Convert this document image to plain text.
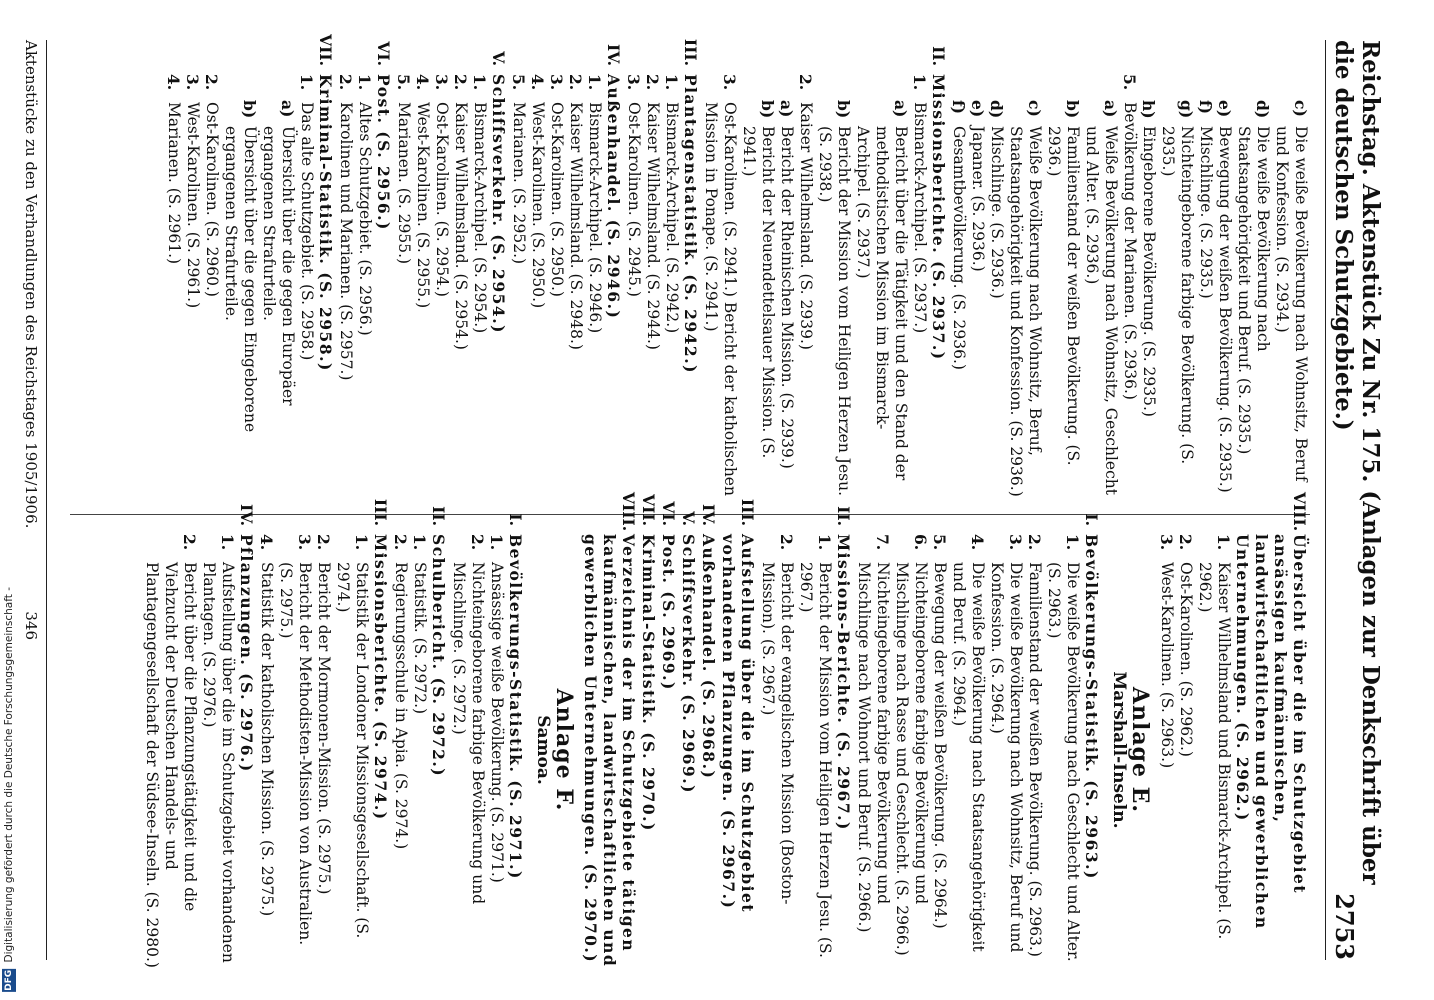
DFG Digitalisierung gefördert durch die Deutsche Forschungsgemeinschaft -	Reichstag. Aktenstück Zu Nr. 175. (Anlagen zur Denkschrift über die deutschen Schutzgebiete.)
2753
c)
Die weiße Bevölkerung nach Wohnsitz, Beruf und Konfession. (S. 2934.)
d)
Die weiße Bevölkerung nach Staatsangehörigkeit und Beruf. (S. 2935.)
e)
Bewegung der weißen Bevölkerung. (S. 2935.)
f)
Mischlinge. (S. 2935.)
g)
Nichteingeborene farbige Bevölkerung. (S. 2935.)
h)
Eingeborene Bevölkerung. (S. 2935.)
5.
Bevölkerung der Marianen. (S. 2936.)
a)
Weiße Bevölkerung nach Wohnsitz, Geschlecht und Alter. (S. 2936.)
b)
Familienstand der weißen Bevölkerung. (S. 2936.)
c)
Weiße Bevölkerung nach Wohnsitz, Beruf, Staatsangehörigkeit und Konfession. (S. 2936.)
d)
Mischlinge. (S. 2936.)
e)
Japaner. (S. 2936.)
f)
Gesamtbevölkerung. (S. 2936.)
II.
Missionsberichte. (S. 2937.)
1.
Bismarck-Archipel. (S. 2937.)
a)
Bericht über die Tätigkeit und den Stand der methodistischen Mission im Bismarck-Archipel. (S. 2937.)
b)
Bericht der Mission vom Heiligen Herzen Jesu. (S. 2938.)
2.
Kaiser Wilhelmsland. (S. 2939.)
a)
Bericht der Rheinischen Mission. (S. 2939.)
b)
Bericht der Neuendettelsauer Mission. (S. 2941.)
3.
Ost-Karolinen. (S. 2941.) Bericht der katholischen Mission in Ponape. (S. 2941.)
III.
Plantagenstatistik. (S. 2942.)
1.
Bismarck-Archipel. (S. 2942.)
2.
Kaiser Wilhelmsland. (S. 2944.)
3.
Ost-Karolinen. (S. 2945.)
IV.
Außenhandel. (S. 2946.)
1.
Bismarck-Archipel. (S. 2946.)
2.
Kaiser Wilhelmsland. (S. 2948.)
3.
Ost-Karolinen. (S. 2950.)
4.
West-Karolinen. (S. 2950.)
5.
Marianen. (S. 2952.)
V.
Schiffsverkehr. (S. 2954.)
1.
Bismarck-Archipel. (S. 2954.)
2.
Kaiser Wilhelmsland. (S. 2954.)
3.
Ost-Karolinen. (S. 2954.)
4.
West-Karolinen. (S. 2955.)
5.
Marianen. (S. 2955.)
VI.
Post. (S. 2956.)
1.
Altes Schutzgebiet. (S. 2956.)
2.
Karolinen und Marianen. (S. 2957.)
VII.
Kriminal-Statistik. (S. 2958.)
1.
Das alte Schutzgebiet. (S. 2958.)
a)
Übersicht über die gegen Europäer ergangenen Strafurteile.
b)
Übersicht über die gegen Eingeborene ergangenen Strafurteile.
2.
Ost-Karolinen. (S. 2960.)
3.
West-Karolinen. (S. 2961.)
4.
Marianen. (S. 2961.)
VIII.
Übersicht über die im Schutzgebiet ansässigen kaufmännischen, landwirtschaftlichen und gewerblichen Unternehmungen. (S. 2962.)
1.
Kaiser Wilhelmsland und Bismarck-Archipel. (S. 2962.)
2.
Ost-Karolinen. (S. 2962.)
3.
West-Karolinen. (S. 2963.)
Anlage E.
Marshall-Inseln.
I.
Bevölkerungs-Statistik. (S. 2963.)
1.
Die weiße Bevölkerung nach Geschlecht und Alter. (S. 2963.)
2.
Familienstand der weißen Bevölkerung. (S. 2963.)
3.
Die weiße Bevölkerung nach Wohnsitz, Beruf und Konfession. (S. 2964.)
4.
Die weiße Bevölkerung nach Staatsangehörigkeit und Beruf. (S. 2964.)
5.
Bewegung der weißen Bevölkerung. (S. 2964.)
6.
Nichteingeborene farbige Bevölkerung und Mischlinge nach Rasse und Geschlecht. (S. 2966.)
7.
Nichteingeborene farbige Bevölkerung und Mischlinge nach Wohnort und Beruf. (S. 2966.)
II.
Missions-Berichte. (S. 2967.)
1.
Bericht der Mission vom Heiligen Herzen Jesu. (S. 2967.)
2.
Bericht der evangelischen Mission (Boston-Mission). (S. 2967.)
III.
Aufstellung über die im Schutzgebiet vorhandenen Pflanzungen. (S. 2967.)
IV.
Außenhandel. (S. 2968.)
V.
Schiffsverkehr. (S. 2969.)
VI.
Post. (S. 2969.)
VII.
Kriminal-Statistik. (S. 2970.)
VIII.
Verzeichnis der im Schutzgebiete tätigen kaufmännischen, landwirtschaftlichen und gewerblichen Unternehmungen. (S. 2970.)
Anlage F.
Samoa.
I.
Bevölkerungs-Statistik. (S. 2971.)
1.
Ansässige weiße Bevölkerung. (S. 2971.)
2.
Nichteingeborene farbige Bevölkerung und Mischlinge. (S. 2972.)
II.
Schulbericht. (S. 2972.)
1.
Statistik. (S. 2972.)
2.
Regierungsschule in Apia. (S. 2974.)
III.
Missionsberichte. (S. 2974.)
1.
Statistik der Londoner Missionsgesellschaft. (S. 2974.)
2.
Bericht der Mormonen-Mission. (S. 2975.)
3.
Bericht der Methodisten-Mission von Australien. (S. 2975.)
4.
Statistik der katholischen Mission. (S. 2975.)
IV.
Pflanzungen. (S. 2976.)
1.
Aufstellung über die im Schutzgebiet vorhandenen Plantagen. (S. 2976.)
2.
Bericht über die Pflanzungstätigkeit und die Viehzucht der Deutschen Handels- und Plantagengesellschaft der Südsee-Inseln. (S. 2980.)
Aktenstücke zu den Verhandlungen des Reichstages 1905/1906.
346
